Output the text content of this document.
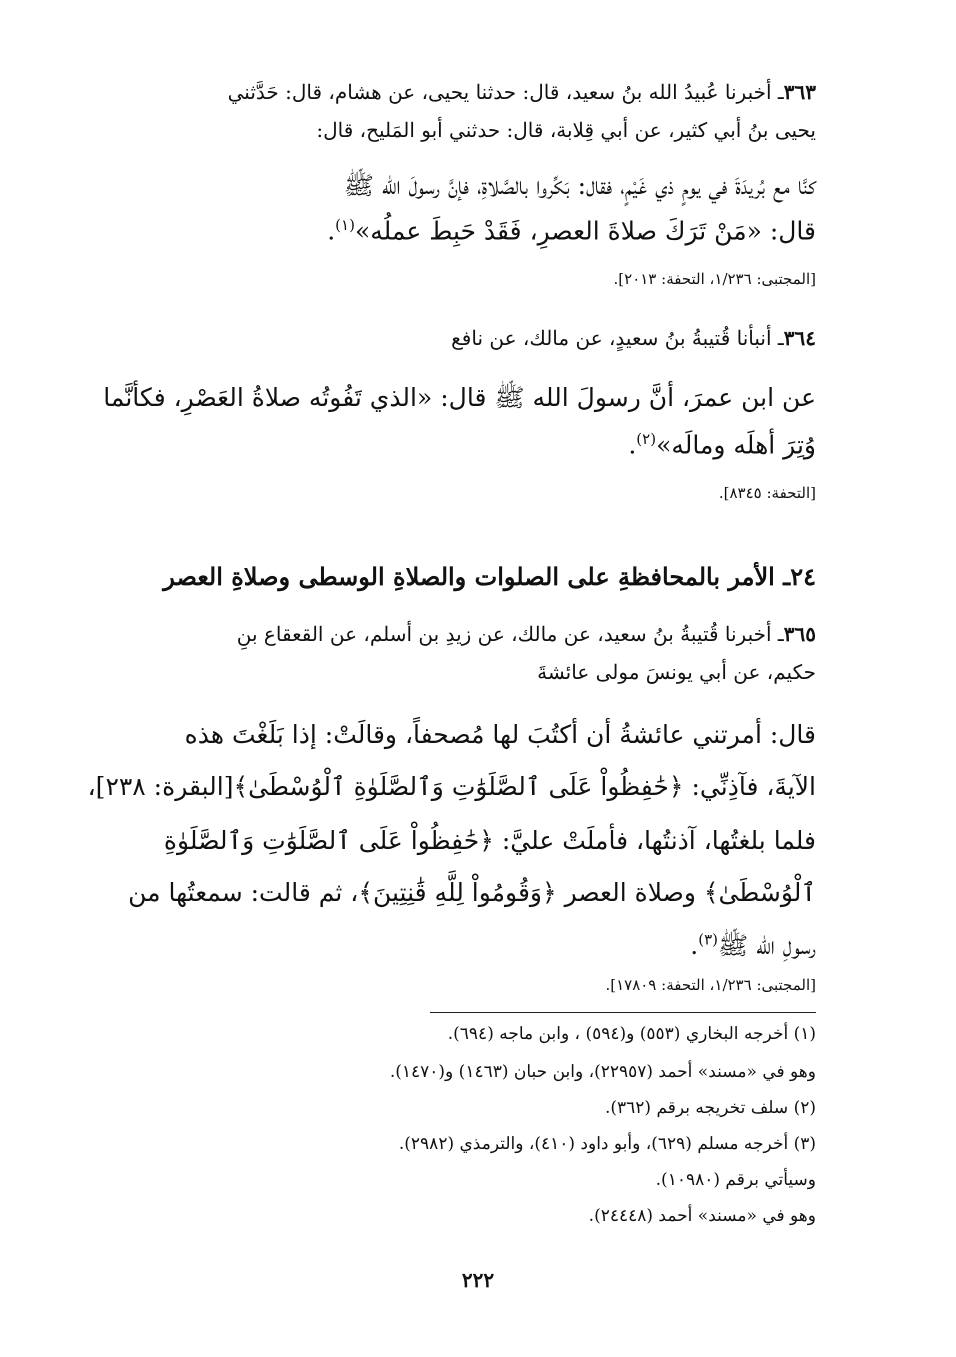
٣٦٣ـ أخبرنا عُبيدُ الله بنُ سعيد، قال: حدثنا يحيى، عن هشام، قال: حَدَّثني
يحيى بنُ أبي كثير، عن أبي قِلابة، قال: حدثني أبو المَليح، قال:
كنَّا مع بُريدَةَ في يومٍ ذي غَيْمٍ، فقال: بَكِّروا بالصَّلاةِ، فإنَّ رسولَ الله ﷺ
قال: «مَنْ تَرَكَ صلاةَ العصرِ، فَقَدْ حَبِطَ عملُه»$^{(١)}$.
[المجتبى: ١/٢٣٦، التحفة: ٢٠١٣].
٣٦٤ـ أنبأنا قُتيبةُ بنُ سعيدٍ، عن مالك، عن نافع
عن ابن عمرَ، أنَّ رسولَ الله ﷺ قال: «الذي تَفُوتُه صلاةُ العَصْرِ، فكأنَّما
وُتِرَ أهلَه ومالَه»$^{(٢)}$.
[التحفة: ٨٣٤٥].
٢٤ـ الأمر بالمحافظةِ على الصلوات والصلاةِ الوسطى وصلاةِ العصر
٣٦٥ـ أخبرنا قُتيبةُ بنُ سعيد، عن مالك، عن زيدِ بن أسلم، عن القعقاع بنِ
حكيم، عن أبي يونسَ مولى عائشةَ
قال: أمرتني عائشةُ أن أكتُبَ لها مُصحفاً، وقالَتْ: إذا بَلَغْتَ هذه
الآيةَ، فآذِنِّي: ﴿حَٰفِظُواْ عَلَى ٱلصَّلَوَٰتِ وَٱلصَّلَوٰةِ ٱلْوُسْطَىٰ﴾[البقرة: ٢٣٨]،
فلما بلغتُها، آذنتُها، فأملَتْ عليَّ: ﴿حَٰفِظُواْ عَلَى ٱلصَّلَوَٰتِ وَٱلصَّلَوٰةِ
ٱلْوُسْطَىٰ﴾ وصلاة العصر ﴿وَقُومُواْ لِلَّهِ قَٰنِتِينَ﴾، ثم قالت: سمعتُها من
رسولِ الله ﷺ$^{(٣)}$.
[المجتبى: ١/٢٣٦، التحفة: ١٧٨٠٩].
(١) أخرجه البخاري (٥٥٣) و(٥٩٤) ، وابن ماجه (٦٩٤).
وهو في «مسند» أحمد (٢٢٩٥٧)، وابن حبان (١٤٦٣) و(١٤٧٠).
(٢) سلف تخريجه برقم (٣٦٢).
(٣) أخرجه مسلم (٦٢٩)، وأبو داود (٤١٠)، والترمذي (٢٩٨٢).
وسيأتي برقم (١٠٩٨٠).
وهو في «مسند» أحمد (٢٤٤٤٨).
٢٢٢
